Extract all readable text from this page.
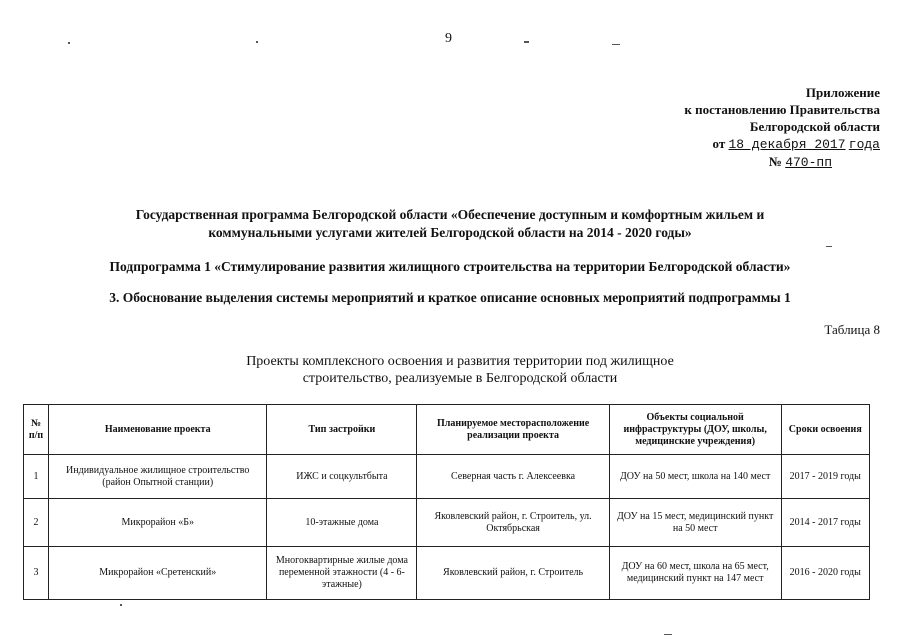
9
Приложение
к постановлению Правительства
Белгородской области
от 18 декабря 2017 года
№ 470-пп
Государственная программа Белгородской области «Обеспечение доступным и комфортным жильем и
коммунальными услугами жителей Белгородской области на 2014 - 2020 годы»
Подпрограмма 1 «Стимулирование развития жилищного строительства на территории Белгородской области»
3. Обоснование выделения системы мероприятий и краткое описание основных мероприятий подпрограммы 1
Таблица 8
Проекты комплексного освоения и развития территории под жилищное
строительство, реализуемые в Белгородской области
№
п/п	Наименование проекта	Тип застройки	Планируемое месторасположение реализации проекта	Объекты социальной инфраструктуры (ДОУ, школы, медицинские учреждения)	Сроки освоения
1	Индивидуальное жилищное строительство (район Опытной станции)	ИЖС и соцкультбыта	Северная часть г. Алексеевка	ДОУ на 50 мест, школа на 140 мест	2017 - 2019 годы
2	Микрорайон «Б»	10-этажные дома	Яковлевский район, г. Строитель, ул. Октябрьская	ДОУ на 15 мест, медицинский пункт на 50 мест	2014 - 2017 годы
3	Микрорайон «Сретенский»	Многоквартирные жилые дома переменной этажности (4 - 6-этажные)	Яковлевский район, г. Строитель	ДОУ на 60 мест, школа на 65 мест, медицинский пункт на 147 мест	2016 - 2020 годы
